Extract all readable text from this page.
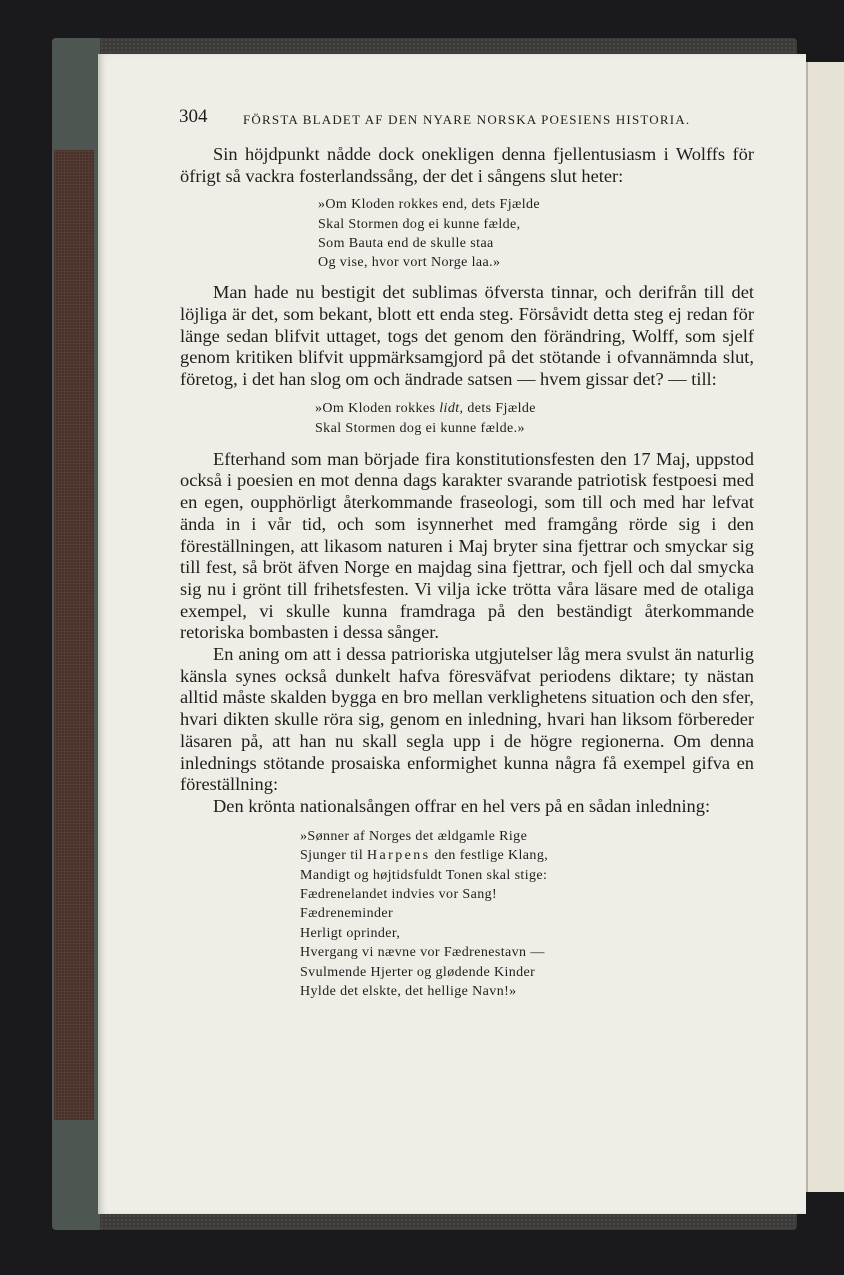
304	FÖRSTA BLADET AF DEN NYARE NORSKA POESIENS HISTORIA.

Sin höjdpunkt nådde dock onekligen denna fjellentusiasm i Wolffs för öfrigt så vackra fosterlandssång, der det i sångens slut heter:

»Om Kloden rokkes end, dets Fjælde
Skal Stormen dog ei kunne fælde,
Som Bauta end de skulle staa
Og vise, hvor vort Norge laa.»

Man hade nu bestigit det sublimas öfversta tinnar, och derifrån till det löjliga är det, som bekant, blott ett enda steg. Försåvidt detta steg ej redan för länge sedan blifvit uttaget, togs det genom den förändring, Wolff, som sjelf genom kritiken blifvit uppmärksamgjord på det stötande i ofvannämnda slut, företog, i det han slog om och ändrade satsen — hvem gissar det? — till:

»Om Kloden rokkes lidt, dets Fjælde
Skal Stormen dog ei kunne fælde.»

Efterhand som man började fira konstitutionsfesten den 17 Maj, uppstod också i poesien en mot denna dags karakter svarande patriotisk festpoesi med en egen, oupphörligt återkommande fraseologi, som till och med har lefvat ända in i vår tid, och som isynnerhet med framgång rörde sig i den föreställningen, att likasom naturen i Maj bryter sina fjettrar och smyckar sig till fest, så bröt äfven Norge en majdag sina fjettrar, och fjell och dal smycka sig nu i grönt till frihetsfesten. Vi vilja icke trötta våra läsare med de otaliga exempel, vi skulle kunna framdraga på den beständigt återkommande retoriska bombasten i dessa sånger.

En aning om att i dessa patrioriska utgjutelser låg mera svulst än naturlig känsla synes också dunkelt hafva föresväfvat periodens diktare; ty nästan alltid måste skalden bygga en bro mellan verklighetens situation och den sfer, hvari dikten skulle röra sig, genom en inledning, hvari han liksom förbereder läsaren på, att han nu skall segla upp i de högre regionerna. Om denna inlednings stötande prosaiska enformighet kunna några få exempel gifva en föreställning:

Den kröntа nationalsången offrar en hel vers på en sådan inledning:

»Sønner af Norges det ældgamle Rige
Sjunger til Harpens den festlige Klang,
Mandigt og højtidsfuldt Tonen skal stige:
Fædrenelandet indvies vor Sang!
Fædreneminder
Herligt oprinder,
Hvergang vi nævne vor Fædrenestavn —
Svulmende Hjerter og glødende Kinder
Hylde det elskte, det hellige Navn!»
